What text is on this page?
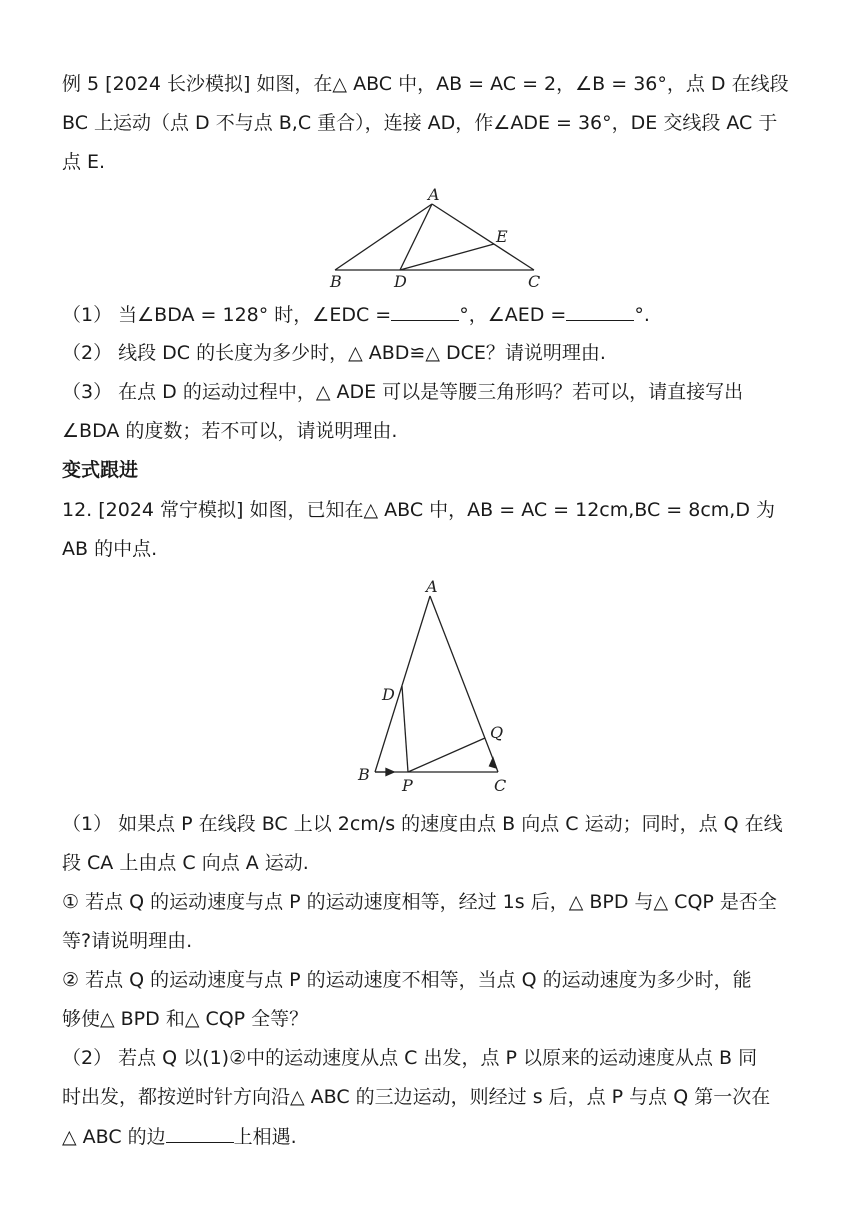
例 5 [2024 长沙模拟] 如图，在△ ABC 中，AB = AC = 2，∠B = 36°，点 D 在线段
BC 上运动（点 D 不与点 B,C 重合），连接 AD，作∠ADE = 36°，DE 交线段 AC 于
点 E.
A
B	C
D
E
（1） 当∠BDA = 128° 时，∠EDC =	°，∠AED =	°.
（2） 线段 DC 的长度为多少时，△ ABD≌△ DCE？请说明理由.
（3） 在点 D 的运动过程中，△ ADE 可以是等腰三角形吗？若可以，请直接写出
∠BDA 的度数；若不可以，请说明理由.
变式跟进
12. [2024 常宁模拟] 如图，已知在△ ABC 中，AB = AC = 12cm,BC = 8cm,D 为
AB 的中点.
A
B
C
D
P
Q
（1） 如果点 P 在线段 BC 上以 2cm/s 的速度由点 B 向点 C 运动；同时，点 Q 在线
段 CA 上由点 C 向点 A 运动.
① 若点 Q 的运动速度与点 P 的运动速度相等，经过 1s 后，△ BPD 与△ CQP 是否全
等?请说明理由.
② 若点 Q 的运动速度与点 P 的运动速度不相等，当点 Q 的运动速度为多少时，能
够使△ BPD 和△ CQP 全等？
（2） 若点 Q 以(1)②中的运动速度从点 C 出发，点 P 以原来的运动速度从点 B 同
时出发，都按逆时针方向沿△ ABC 的三边运动，则经过 s 后，点 P 与点 Q 第一次在
△ ABC 的边	上相遇.
